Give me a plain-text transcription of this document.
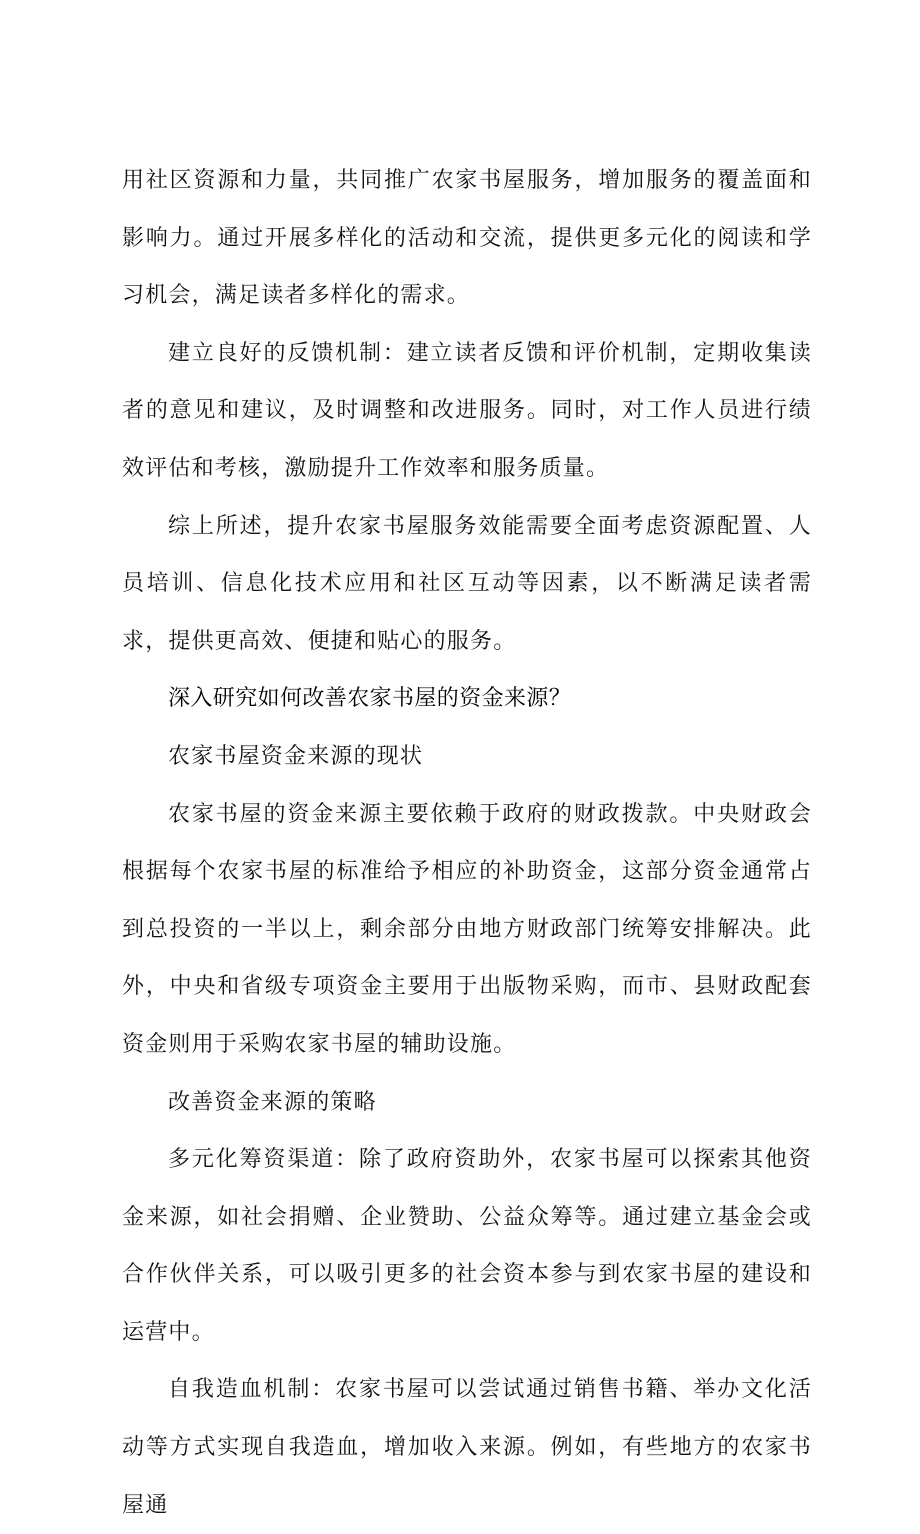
用社区资源和力量，共同推广农家书屋服务，增加服务的覆盖面和影响力。通过开展多样化的活动和交流，提供更多元化的阅读和学习机会，满足读者多样化的需求。

建立良好的反馈机制：建立读者反馈和评价机制，定期收集读者的意见和建议，及时调整和改进服务。同时，对工作人员进行绩效评估和考核，激励提升工作效率和服务质量。

综上所述，提升农家书屋服务效能需要全面考虑资源配置、人员培训、信息化技术应用和社区互动等因素，以不断满足读者需求，提供更高效、便捷和贴心的服务。

深入研究如何改善农家书屋的资金来源？

农家书屋资金来源的现状

农家书屋的资金来源主要依赖于政府的财政拨款。中央财政会根据每个农家书屋的标准给予相应的补助资金，这部分资金通常占到总投资的一半以上，剩余部分由地方财政部门统筹安排解决。此外，中央和省级专项资金主要用于出版物采购，而市、县财政配套资金则用于采购农家书屋的辅助设施。

改善资金来源的策略

多元化筹资渠道：除了政府资助外，农家书屋可以探索其他资金来源，如社会捐赠、企业赞助、公益众筹等。通过建立基金会或合作伙伴关系，可以吸引更多的社会资本参与到农家书屋的建设和运营中。

自我造血机制：农家书屋可以尝试通过销售书籍、举办文化活动等方式实现自我造血，增加收入来源。例如，有些地方的农家书屋通
